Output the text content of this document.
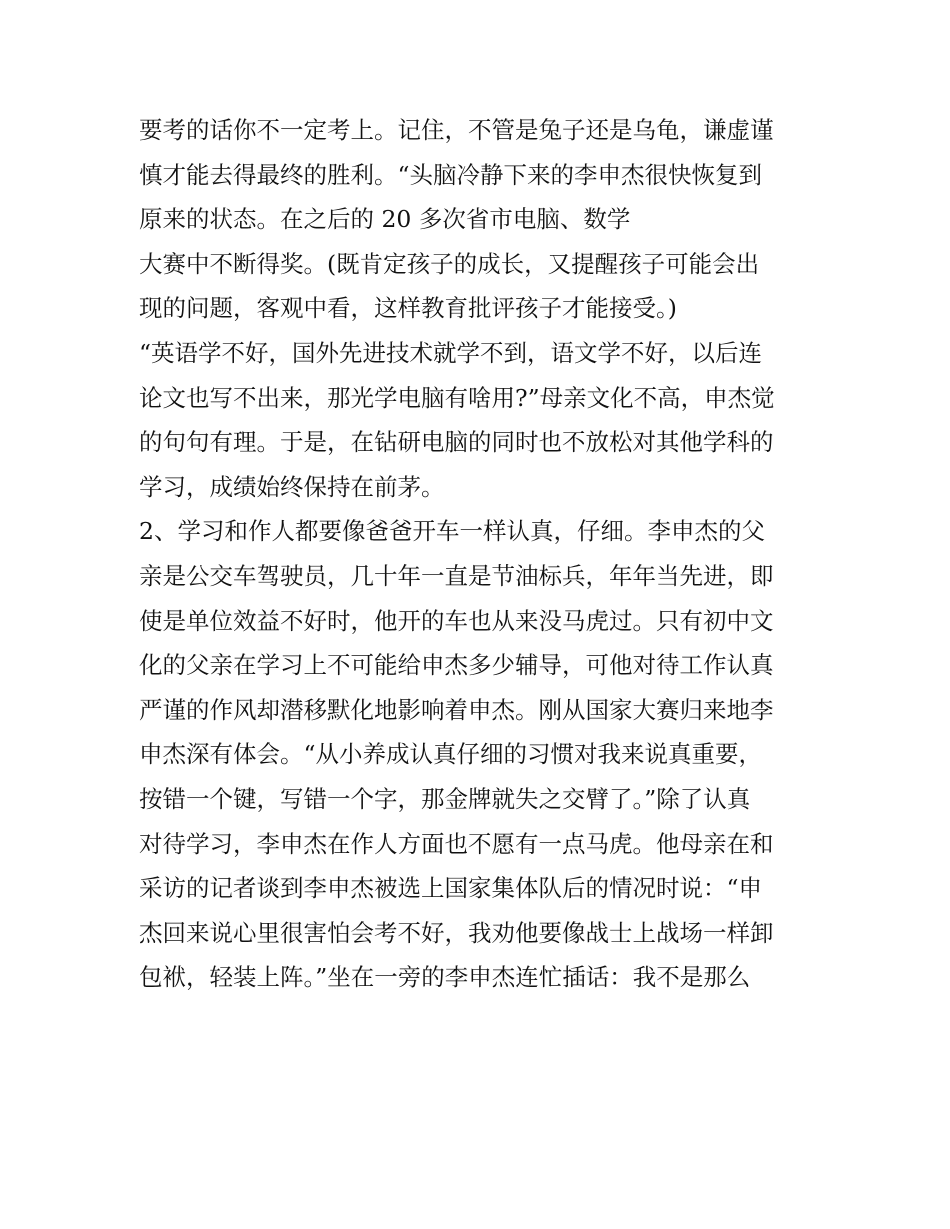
要考的话你不一定考上。记住，不管是兔子还是乌龟，谦虚谨
慎才能去得最终的胜利。“头脑冷静下来的李申杰很快恢复到
原来的状态。在之后的 20 多次省市电脑、数学
大赛中不断得奖。(既肯定孩子的成长，又提醒孩子可能会出
现的问题，客观中看，这样教育批评孩子才能接受。)
“英语学不好，国外先进技术就学不到，语文学不好，以后连
论文也写不出来，那光学电脑有啥用?”母亲文化不高，申杰觉
的句句有理。于是，在钻研电脑的同时也不放松对其他学科的
学习，成绩始终保持在前茅。
2、学习和作人都要像爸爸开车一样认真，仔细。李申杰的父
亲是公交车驾驶员，几十年一直是节油标兵，年年当先进，即
使是单位效益不好时，他开的车也从来没马虎过。只有初中文
化的父亲在学习上不可能给申杰多少辅导，可他对待工作认真
严谨的作风却潜移默化地影响着申杰。刚从国家大赛归来地李
申杰深有体会。“从小养成认真仔细的习惯对我来说真重要，
按错一个键，写错一个字，那金牌就失之交臂了。”除了认真
对待学习，李申杰在作人方面也不愿有一点马虎。他母亲在和
采访的记者谈到李申杰被选上国家集体队后的情况时说：“申
杰回来说心里很害怕会考不好，我劝他要像战士上战场一样卸
包袱，轻装上阵。”坐在一旁的李申杰连忙插话：我不是那么
